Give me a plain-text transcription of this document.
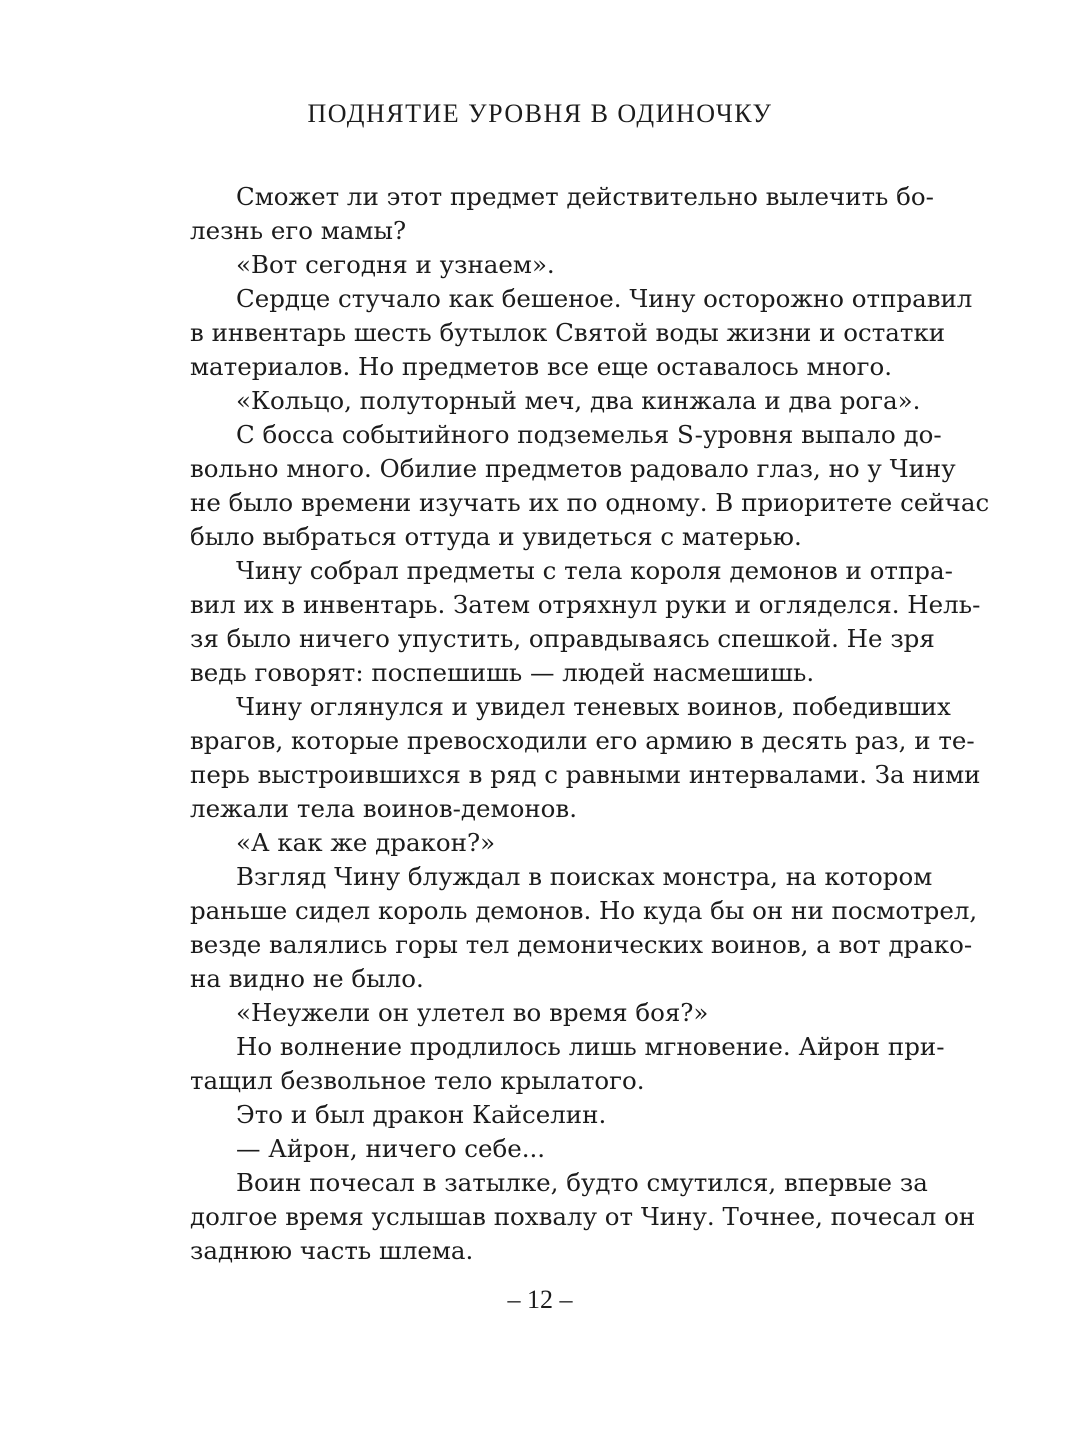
ПОДНЯТИЕ УРОВНЯ В ОДИНОЧКУ
Сможет ли этот предмет действительно вылечить бо-
лезнь его мамы?
«Вот сегодня и узнаем».
Сердце стучало как бешеное. Чину осторожно отправил
в инвентарь шесть бутылок Святой воды жизни и остатки
материалов. Но предметов все еще оставалось много.
«Кольцо, полуторный меч, два кинжала и два рога».
С босса событийного подземелья S-уровня выпало до-
вольно много. Обилие предметов радовало глаз, но у Чину
не было времени изучать их по одному. В приоритете сейчас
было выбраться оттуда и увидеться с матерью.
Чину собрал предметы с тела короля демонов и отпра-
вил их в инвентарь. Затем отряхнул руки и огляделся. Нель-
зя было ничего упустить, оправдываясь спешкой. Не зря
ведь говорят: поспешишь — людей насмешишь.
Чину оглянулся и увидел теневых воинов, победивших
врагов, которые превосходили его армию в десять раз, и те-
перь выстроившихся в ряд с равными интервалами. За ними
лежали тела воинов-демонов.
«А как же дракон?»
Взгляд Чину блуждал в поисках монстра, на котором
раньше сидел король демонов. Но куда бы он ни посмотрел,
везде валялись горы тел демонических воинов, а вот драко-
на видно не было.
«Неужели он улетел во время боя?»
Но волнение продлилось лишь мгновение. Айрон при-
тащил безвольное тело крылатого.
Это и был дракон Кайселин.
— Айрон, ничего себе...
Воин почесал в затылке, будто смутился, впервые за
долгое время услышав похвалу от Чину. Точнее, почесал он
заднюю часть шлема.
– 12 –
